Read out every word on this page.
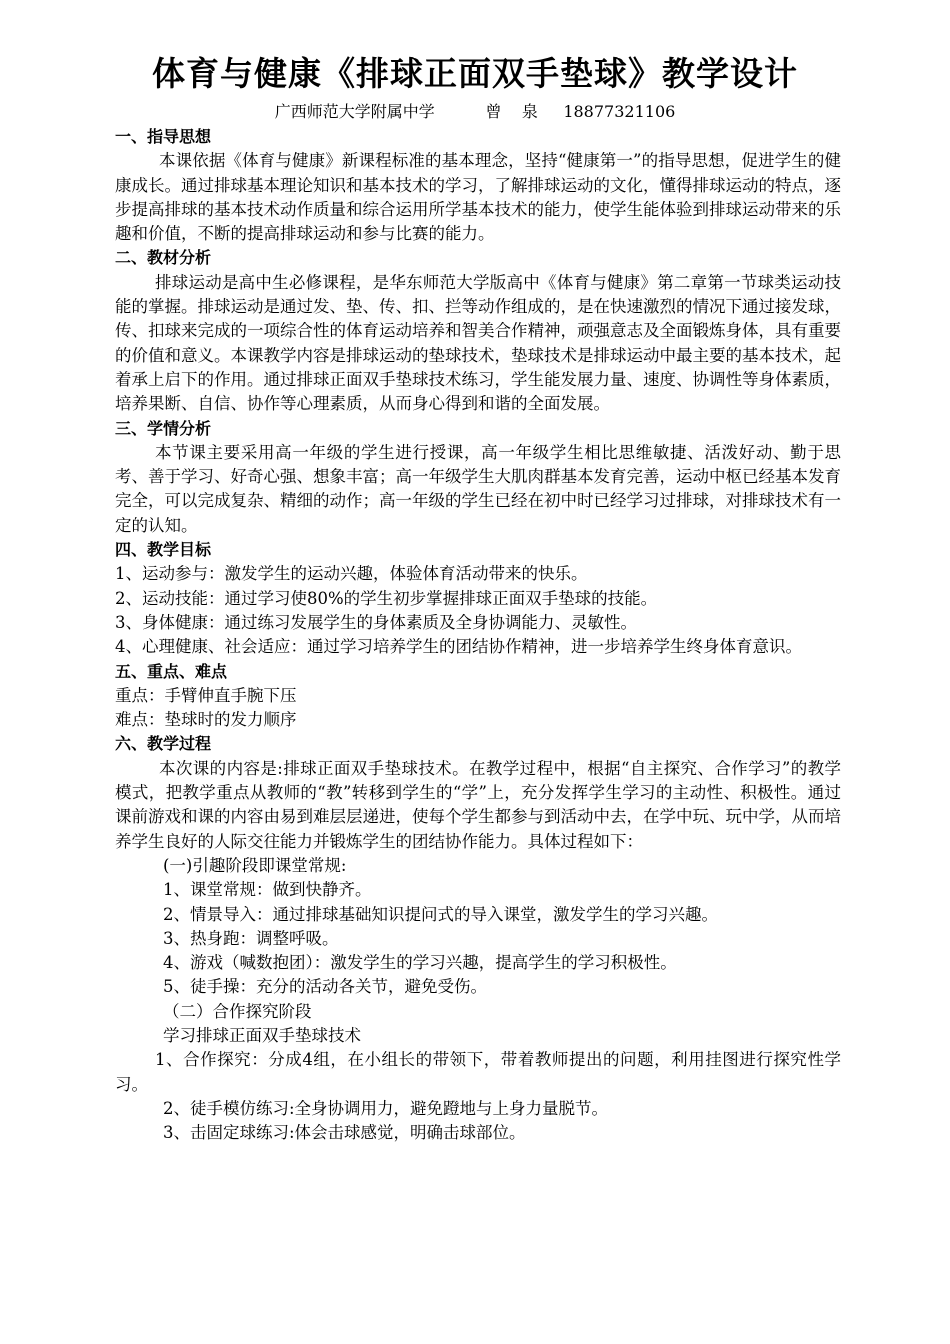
体育与健康《排球正面双手垫球》教学设计
广西师范大学附属中学          曾    泉     18877321106

一、指导思想

本课依据《体育与健康》新课程标准的基本理念，坚持“健康第一”的指导思想，促进学生的健康成长。通过排球基本理论知识和基本技术的学习，了解排球运动的文化，懂得排球运动的特点，逐步提高排球的基本技术动作质量和综合运用所学基本技术的能力，使学生能体验到排球运动带来的乐趣和价值，不断的提高排球运动和参与比赛的能力。

二、教材分析

排球运动是高中生必修课程，是华东师范大学版高中《体育与健康》第二章第一节球类运动技能的掌握。排球运动是通过发、垫、传、扣、拦等动作组成的，是在快速激烈的情况下通过接发球，传、扣球来完成的一项综合性的体育运动培养和智美合作精神，顽强意志及全面锻炼身体，具有重要的价值和意义。本课教学内容是排球运动的垫球技术，垫球技术是排球运动中最主要的基本技术，起着承上启下的作用。通过排球正面双手垫球技术练习，学生能发展力量、速度、协调性等身体素质，培养果断、自信、协作等心理素质，从而身心得到和谐的全面发展。

三、学情分析

本节课主要采用高一年级的学生进行授课，高一年级学生相比思维敏捷、活泼好动、勤于思考、善于学习、好奇心强、想象丰富；高一年级学生大肌肉群基本发育完善，运动中枢已经基本发育完全，可以完成复杂、精细的动作；高一年级的学生已经在初中时已经学习过排球，对排球技术有一定的认知。

四、教学目标

1、运动参与：激发学生的运动兴趣，体验体育活动带来的快乐。

2、运动技能：通过学习使80%的学生初步掌握排球正面双手垫球的技能。

3、身体健康：通过练习发展学生的身体素质及全身协调能力、灵敏性。

4、心理健康、社会适应：通过学习培养学生的团结协作精神，进一步培养学生终身体育意识。

五、重点、难点

重点：手臂伸直手腕下压

难点：垫球时的发力顺序

六、教学过程

本次课的内容是:排球正面双手垫球技术。在教学过程中，根据“自主探究、合作学习”的教学模式，把教学重点从教师的“教”转移到学生的“学”上，充分发挥学生学习的主动性、积极性。通过课前游戏和课的内容由易到难层层递进，使每个学生都参与到活动中去，在学中玩、玩中学，从而培养学生良好的人际交往能力并锻炼学生的团结协作能力。具体过程如下：

(一)引趣阶段即课堂常规:

1、课堂常规：做到快静齐。

2、情景导入：通过排球基础知识提问式的导入课堂，激发学生的学习兴趣。

3、热身跑：调整呼吸。

4、游戏（喊数抱团）：激发学生的学习兴趣，提高学生的学习积极性。

5、徒手操：充分的活动各关节，避免受伤。

（二）合作探究阶段

学习排球正面双手垫球技术

1、合作探究：分成4组，在小组长的带领下，带着教师提出的问题，利用挂图进行探究性学习。

2、徒手模仿练习:全身协调用力，避免蹬地与上身力量脱节。

3、击固定球练习:体会击球感觉，明确击球部位。
